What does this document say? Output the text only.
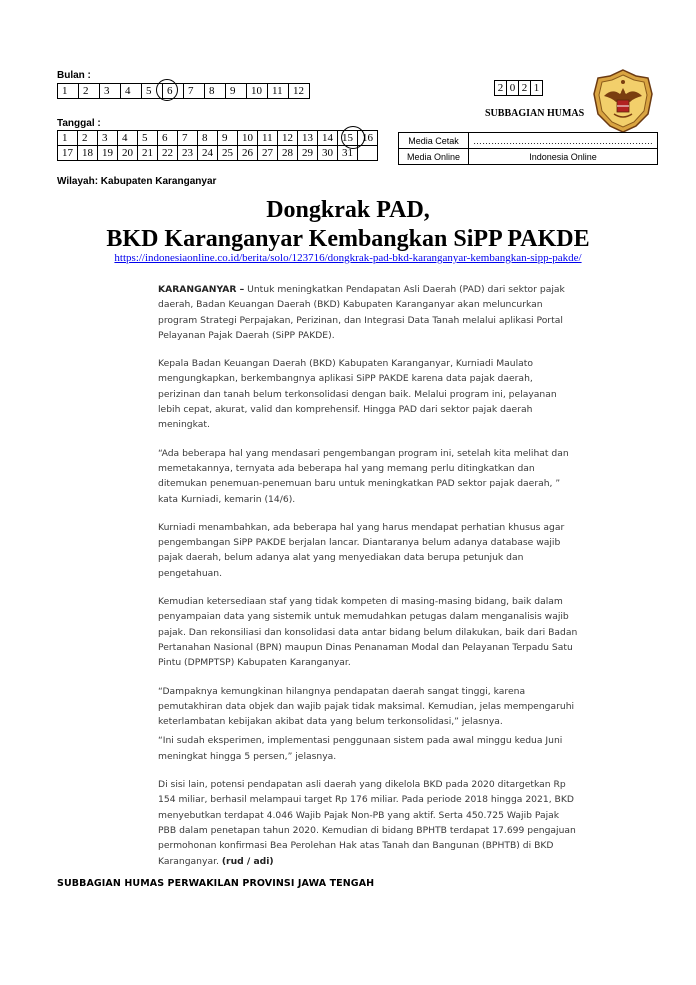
Bulan :
1	2	3	4	5	6	7	8	9	10	11	12	2	0	2	1
SUBBAGIAN HUMAS
Tanggal :
1	2	3	4	5	6	7	8	9	10	11	12	13	14	15	16
17	18	19	20	21	22	23	24	25	26	27	28	29	30	31	
Media Cetak	……………………………………………………
Media Online	Indonesia Online
Wilayah: Kabupaten Karanganyar
Dongkrak PAD,
BKD Karanganyar Kembangkan SiPP PAKDE
https://indonesiaonline.co.id/berita/solo/123716/dongkrak-pad-bkd-karanganyar-kembangkan-sipp-pakde/

KARANGANYAR – Untuk meningkatkan Pendapatan Asli Daerah (PAD) dari sektor pajak daerah, Badan Keuangan Daerah (BKD) Kabupaten Karanganyar akan meluncurkan program Strategi Perpajakan, Perizinan, dan Integrasi Data Tanah melalui aplikasi Portal Pelayanan Pajak Daerah (SiPP PAKDE).

Kepala Badan Keuangan Daerah (BKD) Kabupaten Karanganyar, Kurniadi Maulato mengungkapkan, berkembangnya aplikasi SiPP PAKDE karena data pajak daerah, perizinan dan tanah belum terkonsolidasi dengan baik. Melalui program ini, pelayanan lebih cepat, akurat, valid dan komprehensif. Hingga PAD dari sektor pajak daerah meningkat.

“Ada beberapa hal yang mendasari pengembangan program ini, setelah kita melihat dan memetakannya, ternyata ada beberapa hal yang memang perlu ditingkatkan dan ditemukan penemuan-penemuan baru untuk meningkatkan PAD sektor pajak daerah, ” kata Kurniadi, kemarin (14/6).

Kurniadi menambahkan, ada beberapa hal yang harus mendapat perhatian khusus agar pengembangan SiPP PAKDE berjalan lancar. Diantaranya belum adanya database wajib pajak daerah, belum adanya alat yang menyediakan data berupa petunjuk dan pengetahuan.

Kemudian ketersediaan staf yang tidak kompeten di masing-masing bidang, baik dalam penyampaian data yang sistemik untuk memudahkan petugas dalam menganalisis wajib pajak. Dan rekonsiliasi dan konsolidasi data antar bidang belum dilakukan, baik dari Badan Pertanahan Nasional (BPN) maupun Dinas Penanaman Modal dan Pelayanan Terpadu Satu Pintu (DPMPTSP) Kabupaten Karanganyar.

“Dampaknya kemungkinan hilangnya pendapatan daerah sangat tinggi, karena pemutakhiran data objek dan wajib pajak tidak maksimal. Kemudian, jelas mempengaruhi keterlambatan kebijakan akibat data yang belum terkonsolidasi,” jelasnya.

“Ini sudah eksperimen, implementasi penggunaan sistem pada awal minggu kedua Juni meningkat hingga 5 persen,” jelasnya.

Di sisi lain, potensi pendapatan asli daerah yang dikelola BKD pada 2020 ditargetkan Rp 154 miliar, berhasil melampaui target Rp 176 miliar. Pada periode 2018 hingga 2021, BKD menyebutkan terdapat 4.046 Wajib Pajak Non-PB yang aktif. Serta 450.725 Wajib Pajak PBB dalam penetapan tahun 2020. Kemudian di bidang BPHTB terdapat 17.699 pengajuan permohonan konfirmasi Bea Perolehan Hak atas Tanah dan Bangunan (BPHTB) di BKD Karanganyar. (rud / adi)

SUBBAGIAN HUMAS PERWAKILAN PROVINSI JAWA TENGAH
